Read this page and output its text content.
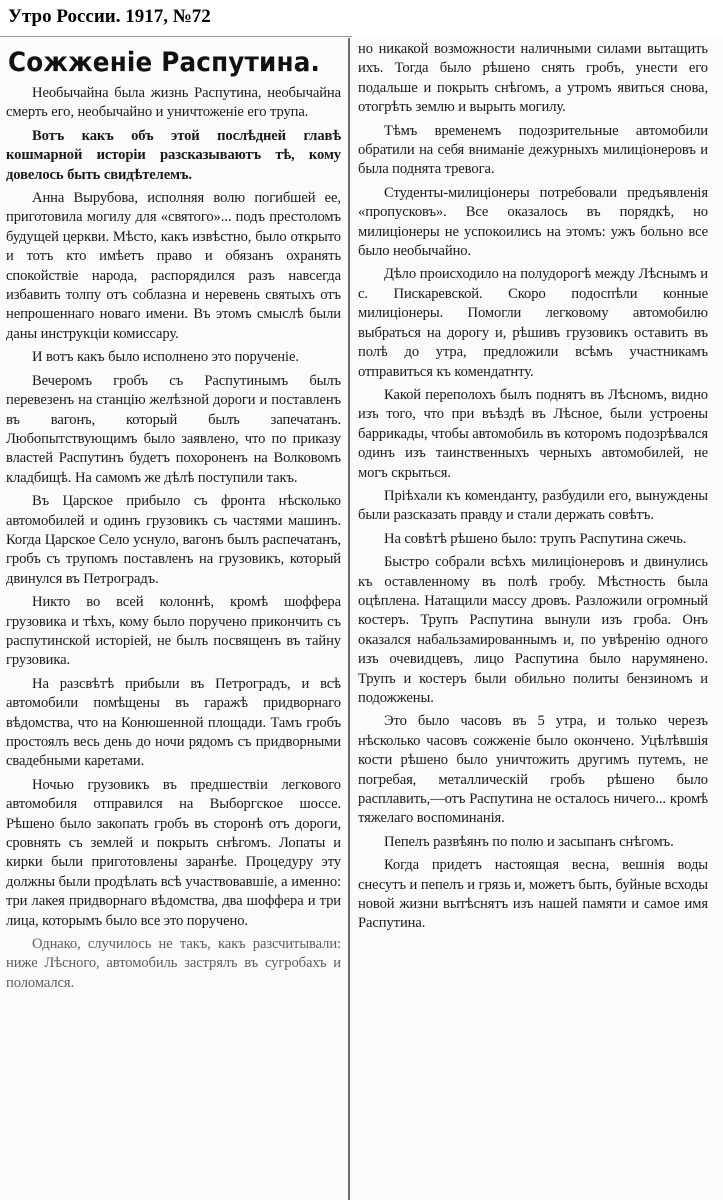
Утро России. 1917, №72
Сожженіе Распутина.

Необычайна была жизнь Распутина, необычайна смерть его, необычайно и уничтоженіе его трупа.

Вотъ какъ объ этой послѣдней главѣ кошмарной исторіи разсказываютъ тѣ, кому довелось быть свидѣтелемъ.

Анна Вырубова, исполняя волю погибшей ее, приготовила могилу для «святого»... подъ престоломъ будущей церкви. Мѣсто, какъ извѣстно, было открыто и тотъ кто имѣетъ право и обязанъ охранять спокойствіе народа, распорядился разъ навсегда избавить толпу отъ соблазна и неревень святыхъ отъ непрошеннаго новаго имени. Въ этомъ смыслѣ были даны инструкціи комиссару.

И вотъ какъ было исполнено это порученіе.

Вечеромъ гробъ съ Распутинымъ былъ перевезенъ на станцію желѣзной дороги и поставленъ въ вагонъ, который былъ запечатанъ. Любопытствующимъ было заявлено, что по приказу властей Распутинъ будетъ похороненъ на Волковомъ кладбищѣ. На самомъ же дѣлѣ поступили такъ.

Въ Царское прибыло съ фронта нѣсколько автомобилей и одинъ грузовикъ съ частями машинъ. Когда Царское Село уснуло, вагонъ былъ распечатанъ, гробъ съ трупомъ поставленъ на грузовикъ, который двинулся въ Петроградъ.

Никто во всей колоннѣ, кромѣ шоффера грузовика и тѣхъ, кому было поручено прикончить съ распутинской исторіей, не былъ посвященъ въ тайну грузовика.

На разсвѣтѣ прибыли въ Петроградъ, и всѣ автомобили помѣщены въ гаражѣ придворнаго вѣдомства, что на Конюшенной площади. Тамъ гробъ простоялъ весь день до ночи рядомъ съ придворными свадебными каретами.

Ночью грузовикъ въ предшествіи легкового автомобиля отправился на Выборгское шоссе. Рѣшено было закопать гробъ въ сторонѣ отъ дороги, сровнять съ землей и покрыть снѣгомъ. Лопаты и кирки были приготовлены заранѣе. Процедуру эту должны были продѣлать всѣ участвовавшіе, а именно: три лакея придворнаго вѣдомства, два шоффера и три лица, которымъ было все это поручено.

Однако, случилось не такъ, какъ разсчитывали: ниже Лѣсного, автомобиль застрялъ въ сугробахъ и поломался.

но никакой возможности наличными силами вытащить ихъ. Тогда было рѣшено снять гробъ, унести его подальше и покрыть снѣгомъ, а утромъ явиться снова, отогрѣть землю и вырыть могилу.

Тѣмъ временемъ подозрительные автомобили обратили на себя вниманіе дежурныхъ милиціонеровъ и была поднята тревога.

Студенты-милиціонеры потребовали предъявленія «пропусковъ». Все оказалось въ порядкѣ, но милиціонеры не успокоились на этомъ: ужъ больно все было необычайно.

Дѣло происходило на полудорогѣ между Лѣснымъ и с. Пискаревской. Скоро подоспѣли конные милиціонеры. Помогли легковому автомобилю выбраться на дорогу и, рѣшивъ грузовикъ оставить въ полѣ до утра, предложили всѣмъ участникамъ отправиться къ комендатнту.

Какой переполохъ былъ поднятъ въ Лѣсномъ, видно изъ того, что при въѣздѣ въ Лѣсное, были устроены баррикады, чтобы автомобиль въ которомъ подозрѣвался одинъ изъ таинственныхъ черныхъ автомобилей, не могъ скрыться.

Пріѣхали къ коменданту, разбудили его, вынуждены были разсказать правду и стали держать совѣтъ.

На совѣтѣ рѣшено было: трупъ Распутина сжечь.

Быстро собрали всѣхъ милиціонеровъ и двинулись къ оставленному въ полѣ гробу. Мѣстность была оцѣплена. Натащили массу дровъ. Разложили огромный костеръ. Трупъ Распутина вынули изъ гроба. Онъ оказался набальзамированнымъ и, по увѣренію одного изъ очевидцевъ, лицо Распутина было нарумянено. Трупъ и костеръ были обильно политы бензиномъ и подожжены.

Это было часовъ въ 5 утра, и только черезъ нѣсколько часовъ сожженіе было окончено. Уцѣлѣвшія кости рѣшено было уничтожить другимъ путемъ, не погребая, металлическій гробъ рѣшено было расплавить,—отъ Распутина не осталось ничего... кромѣ тяжелаго воспоминанія.

Пепелъ развѣянъ по полю и засыпанъ снѣгомъ.

Когда придетъ настоящая весна, вешнія воды снесутъ и пепелъ и грязь и, можетъ быть, буйные всходы новой жизни вытѣснятъ изъ нашей памяти и самое имя Распутина.
